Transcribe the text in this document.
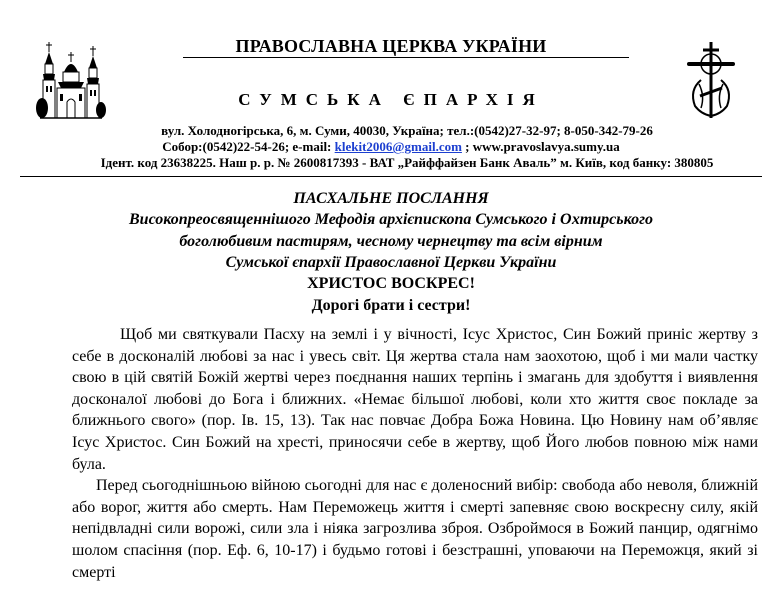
ПРАВОСЛАВНА ЦЕРКВА УКРАЇНИ
СУМСЬКА ЄПАРХІЯ
вул. Холодногірська, 6, м. Суми, 40030, Україна; тел.:(0542)27-32-97; 8-050-342-79-26
Собор:(0542)22-54-26; e-mail: klekit2006@gmail.com ; www.pravoslavya.sumy.ua
Ідент. код 23638225. Наш р. р. № 2600817393 - ВАТ „Райффайзен Банк Аваль” м. Київ, код банку: 380805
ПАСХАЛЬНЕ ПОСЛАННЯ
Високопреосвященнішого Мефодія архієпископа Сумського і Охтирського
боголюбивим пастирям, чесному чернецтву та всім вірним
Сумської єпархії Православної Церкви України
ХРИСТОС ВОСКРЕС!
Дорогі брати і сестри!

Щоб ми святкували Пасху на землі і у вічності, Ісус Христос, Син Божий приніс жертву з себе в досконалій любові за нас і увесь світ. Ця жертва стала нам заохотою, щоб і ми мали частку свою в цій святій Божій жертві через поєднання наших терпінь і змагань для здобуття і виявлення досконалої любові до Бога і ближних. «Немає більшої любові, коли хто життя своє покладе за ближнього свого» (пор. Ів. 15, 13). Так нас повчає Добра Божа Новина. Цю Новину нам об’являє Ісус Христос. Син Божий на хресті, приносячи себе в жертву, щоб Його любов повною між нами була.

Перед сьогоднішньою війною сьогодні для нас є доленосний вибір: свобода або неволя, ближній або ворог, життя або смерть. Нам Переможець життя і смерті запевняє свою воскресну силу, якій непідвладні сили ворожі, сили зла і ніяка загрозлива зброя. Озброймося в Божий панцир, одягнімо шолом спасіння (пор. Еф. 6, 10-17) і будьмо готові і безстрашні, уповаючи на Переможця, який зі смерті
